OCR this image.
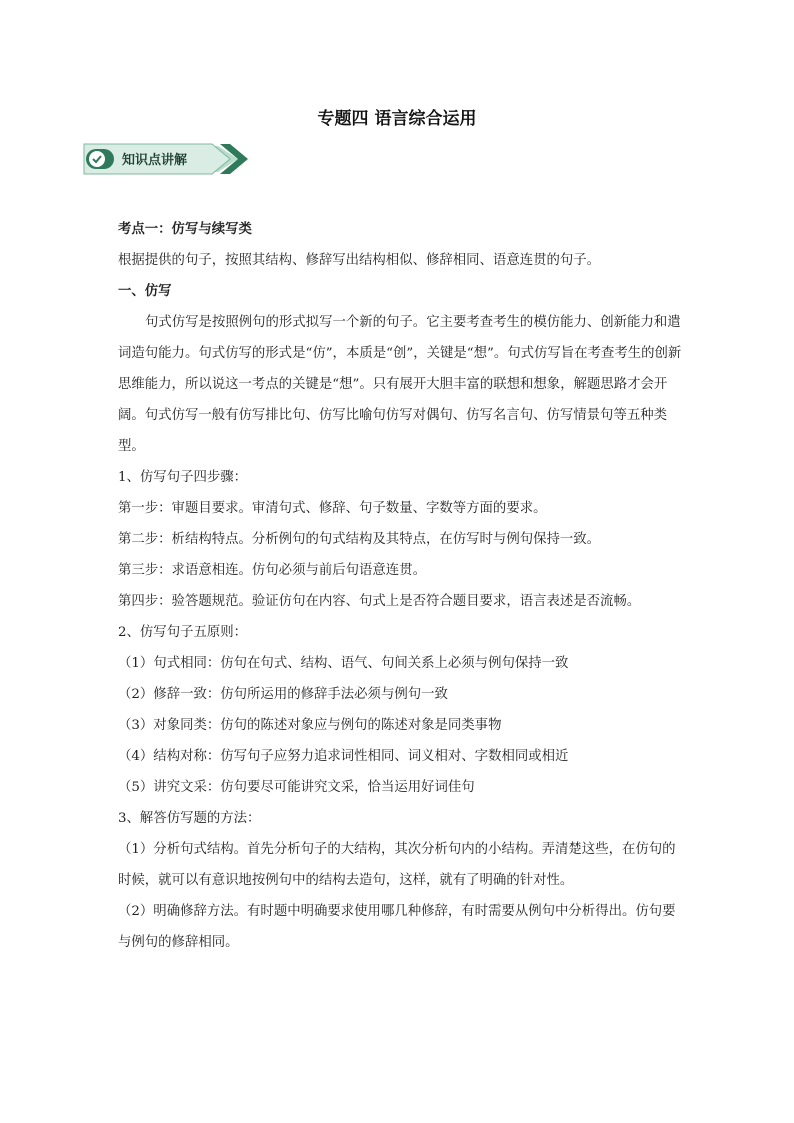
专题四 语言综合运用
知识点讲解

考点一：仿写与续写类

根据提供的句子，按照其结构、修辞写出结构相似、修辞相同、语意连贯的句子。

一、仿写

句式仿写是按照例句的形式拟写一个新的句子。它主要考查考生的模仿能力、创新能力和遣词造句能力。句式仿写的形式是“仿”，本质是“创”，关键是“想”。句式仿写旨在考查考生的创新思维能力，所以说这一考点的关键是“想”。只有展开大胆丰富的联想和想象，解题思路才会开阔。句式仿写一般有仿写排比句、仿写比喻句仿写对偶句、仿写名言句、仿写情景句等五种类型。

1、仿写句子四步骤：

第一步：审题目要求。审清句式、修辞、句子数量、字数等方面的要求。

第二步：析结构特点。分析例句的句式结构及其特点，在仿写时与例句保持一致。

第三步：求语意相连。仿句必须与前后句语意连贯。

第四步：验答题规范。验证仿句在内容、句式上是否符合题目要求，语言表述是否流畅。

2、仿写句子五原则：

（1）句式相同：仿句在句式、结构、语气、句间关系上必须与例句保持一致

（2）修辞一致：仿句所运用的修辞手法必须与例句一致

（3）对象同类：仿句的陈述对象应与例句的陈述对象是同类事物

（4）结构对称：仿写句子应努力追求词性相同、词义相对、字数相同或相近

（5）讲究文采：仿句要尽可能讲究文采，恰当运用好词佳句

3、解答仿写题的方法：

（1）分析句式结构。首先分析句子的大结构，其次分析句内的小结构。弄清楚这些，在仿句的时候，就可以有意识地按例句中的结构去造句，这样，就有了明确的针对性。

（2）明确修辞方法。有时题中明确要求使用哪几种修辞，有时需要从例句中分析得出。仿句要与例句的修辞相同。
